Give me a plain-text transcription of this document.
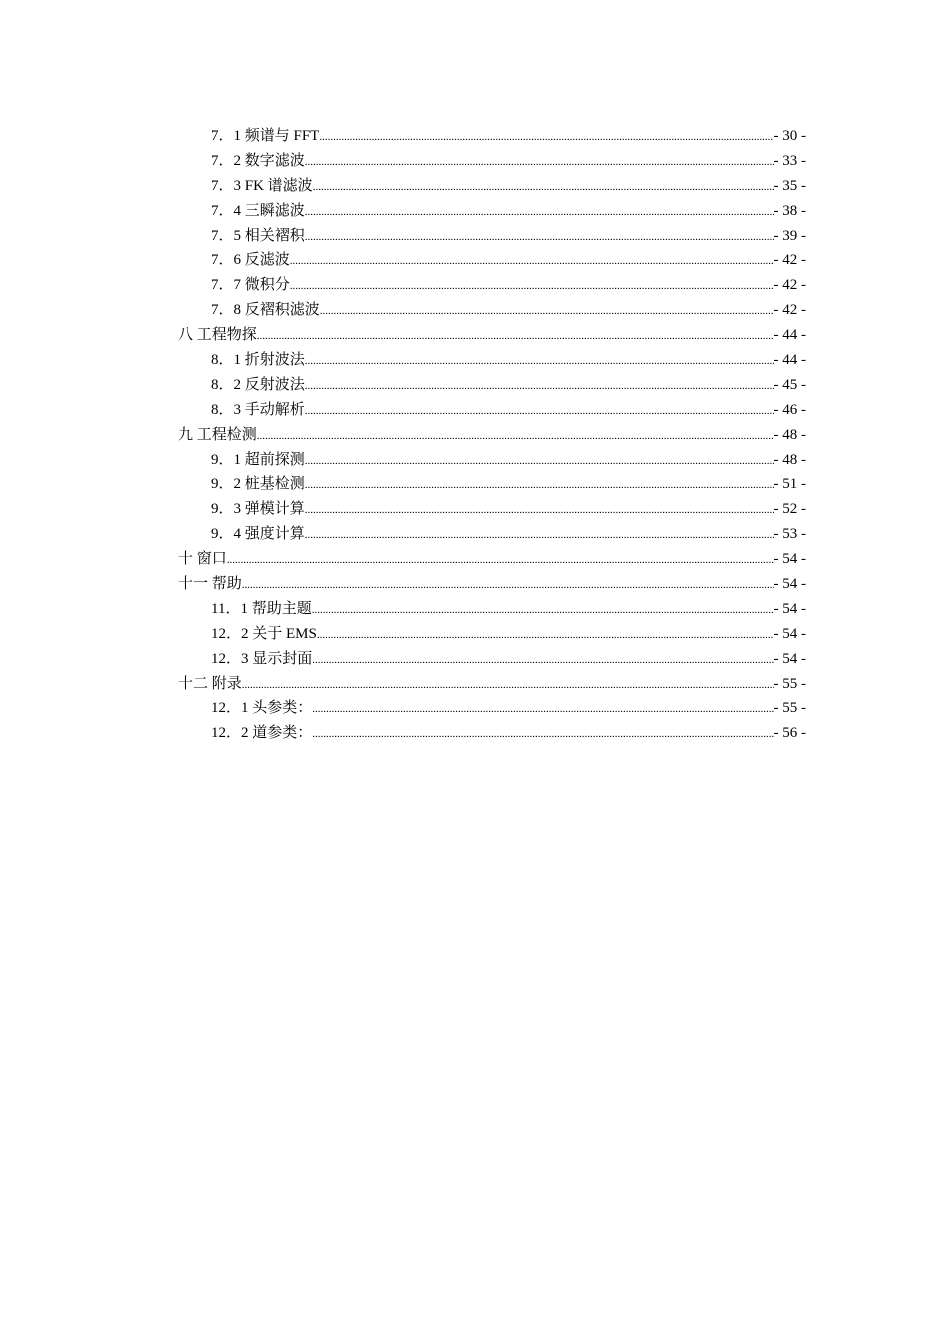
7．1 频谱与 FFT .....	- 30 -
7．2 数字滤波 .....	- 33 -
7．3 FK 谱滤波 .....	- 35 -
7．4 三瞬滤波 .....	- 38 -
7．5 相关褶积 .....	- 39 -
7．6 反滤波 .....	- 42 -
7．7 微积分 .....	- 42 -
7．8 反褶积滤波 .....	- 42 -
八 工程物探 .....	- 44 -
8．1 折射波法 .....	- 44 -
8．2 反射波法 .....	- 45 -
8．3 手动解析 .....	- 46 -
九 工程检测 .....	- 48 -
9．1 超前探测 .....	- 48 -
9．2 桩基检测 .....	- 51 -
9．3 弹模计算 .....	- 52 -
9．4 强度计算 .....	- 53 -
十 窗口 .....	- 54 -
十一 帮助 .....	- 54 -
11．1 帮助主题 .....	- 54 -
12．2 关于 EMS .....	- 54 -
12．3 显示封面 .....	- 54 -
十二 附录 .....	- 55 -
12．1 头参类： .....	- 55 -
12．2 道参类： .....	- 56 -
